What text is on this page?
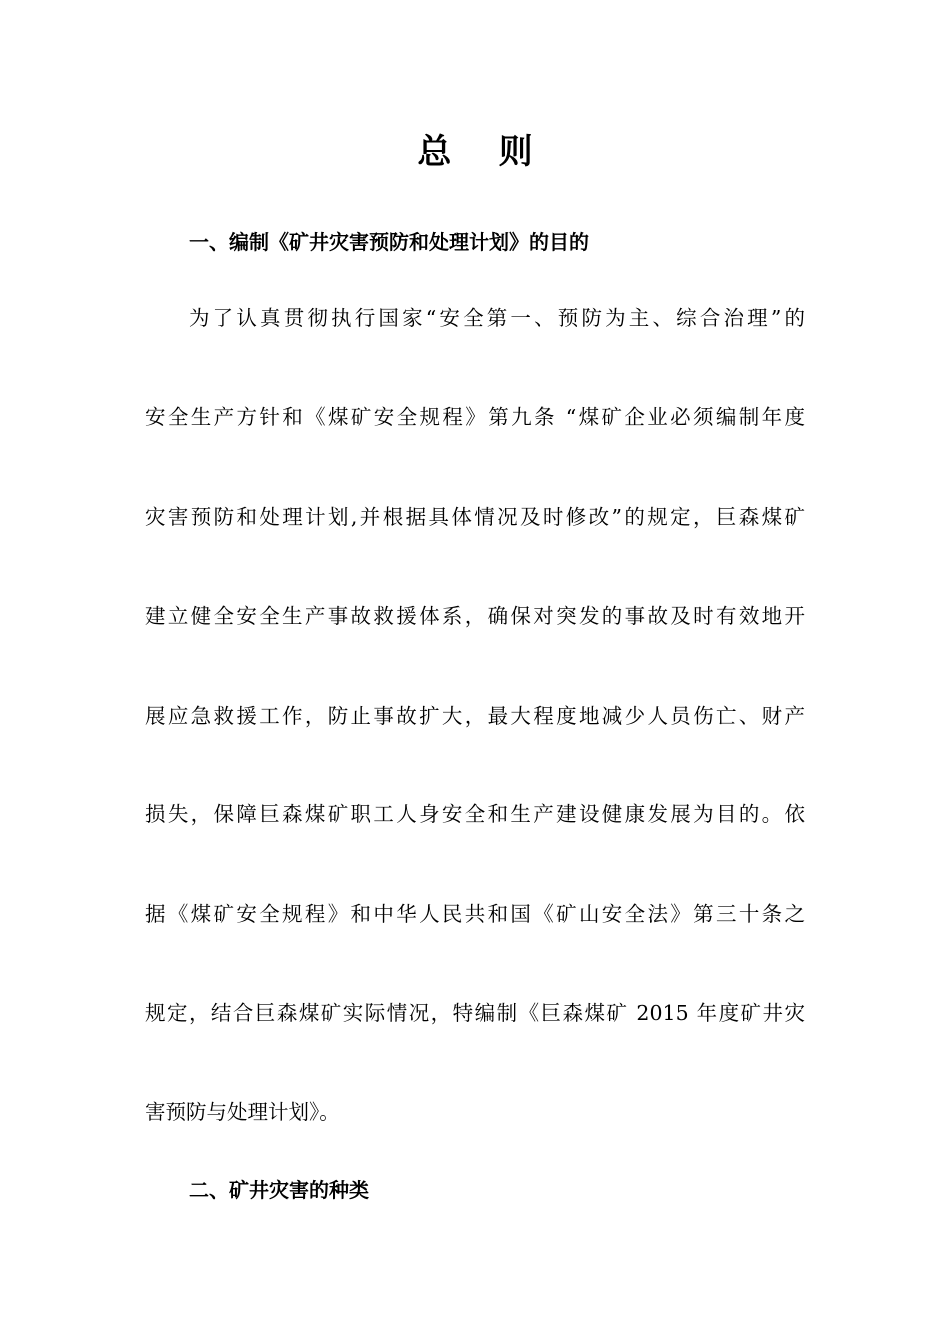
总    则
一、编制《矿井灾害预防和处理计划》的目的
为了认真贯彻执行国家“安全第一、预防为主、综合治理”的
安全生产方针和《煤矿安全规程》第九条 “煤矿企业必须编制年度
灾害预防和处理计划,并根据具体情况及时修改”的规定，巨森煤矿
建立健全安全生产事故救援体系，确保对突发的事故及时有效地开
展应急救援工作，防止事故扩大，最大程度地减少人员伤亡、财产
损失，保障巨森煤矿职工人身安全和生产建设健康发展为目的。依
据《煤矿安全规程》和中华人民共和国《矿山安全法》第三十条之
规定，结合巨森煤矿实际情况，特编制《巨森煤矿 2015 年度矿井灾
害预防与处理计划》。
二、矿井灾害的种类
